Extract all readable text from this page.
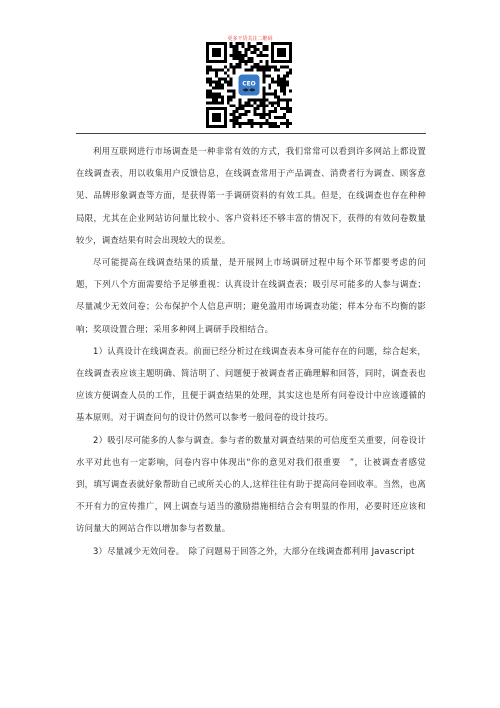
更多干货关注二维码
CEO

利用互联网进行市场调查是一种非常有效的方式，我们常常可以看到许多网站上都设置在线调查表，用以收集用户反馈信息，在线调查常用于产品调查、消费者行为调查、顾客意见、品牌形象调查等方面，是获得第一手调研资料的有效工具。但是，在线调查也存在种种局限，尤其在企业网站访问量比较小、客户资料还不够丰富的情况下，获得的有效问卷数量较少，调查结果有时会出现较大的误差。

尽可能提高在线调查结果的质量，是开展网上市场调研过程中每个环节都要考虑的问题，下列八个方面需要给予足够重视：认真设计在线调查表；吸引尽可能多的人参与调查；尽量减少无效问卷；公布保护个人信息声明；避免滥用市场调查功能；样本分布不均衡的影响；奖项设置合理；采用多种网上调研手段相结合。

1）认真设计在线调查表。前面已经分析过在线调查表本身可能存在的问题，综合起来，在线调查表应该主题明确、简洁明了、问题便于被调查者正确理解和回答，同时，调查表也应该方便调查人员的工作，且便于调查结果的处理，其实这也是所有问卷设计中应该遵循的基本原则。对于调查问句的设计仍然可以参考一般问卷的设计技巧。

2）吸引尽可能多的人参与调查。参与者的数量对调查结果的可信度至关重要，问卷设计水平对此也有一定影响，问卷内容中体现出“你的意见对我们很重要　”，让被调查者感觉到，填写调查表就好象帮助自己或所关心的人,这样往往有助于提高问卷回收率。当然，也离不开有力的宣传推广，网上调查与适当的激励措施相结合会有明显的作用，必要时还应该和访问量大的网站合作以增加参与者数量。

3）尽量减少无效问卷。　除了问题易于回答之外，大部分在线调查都利用 Javascript
